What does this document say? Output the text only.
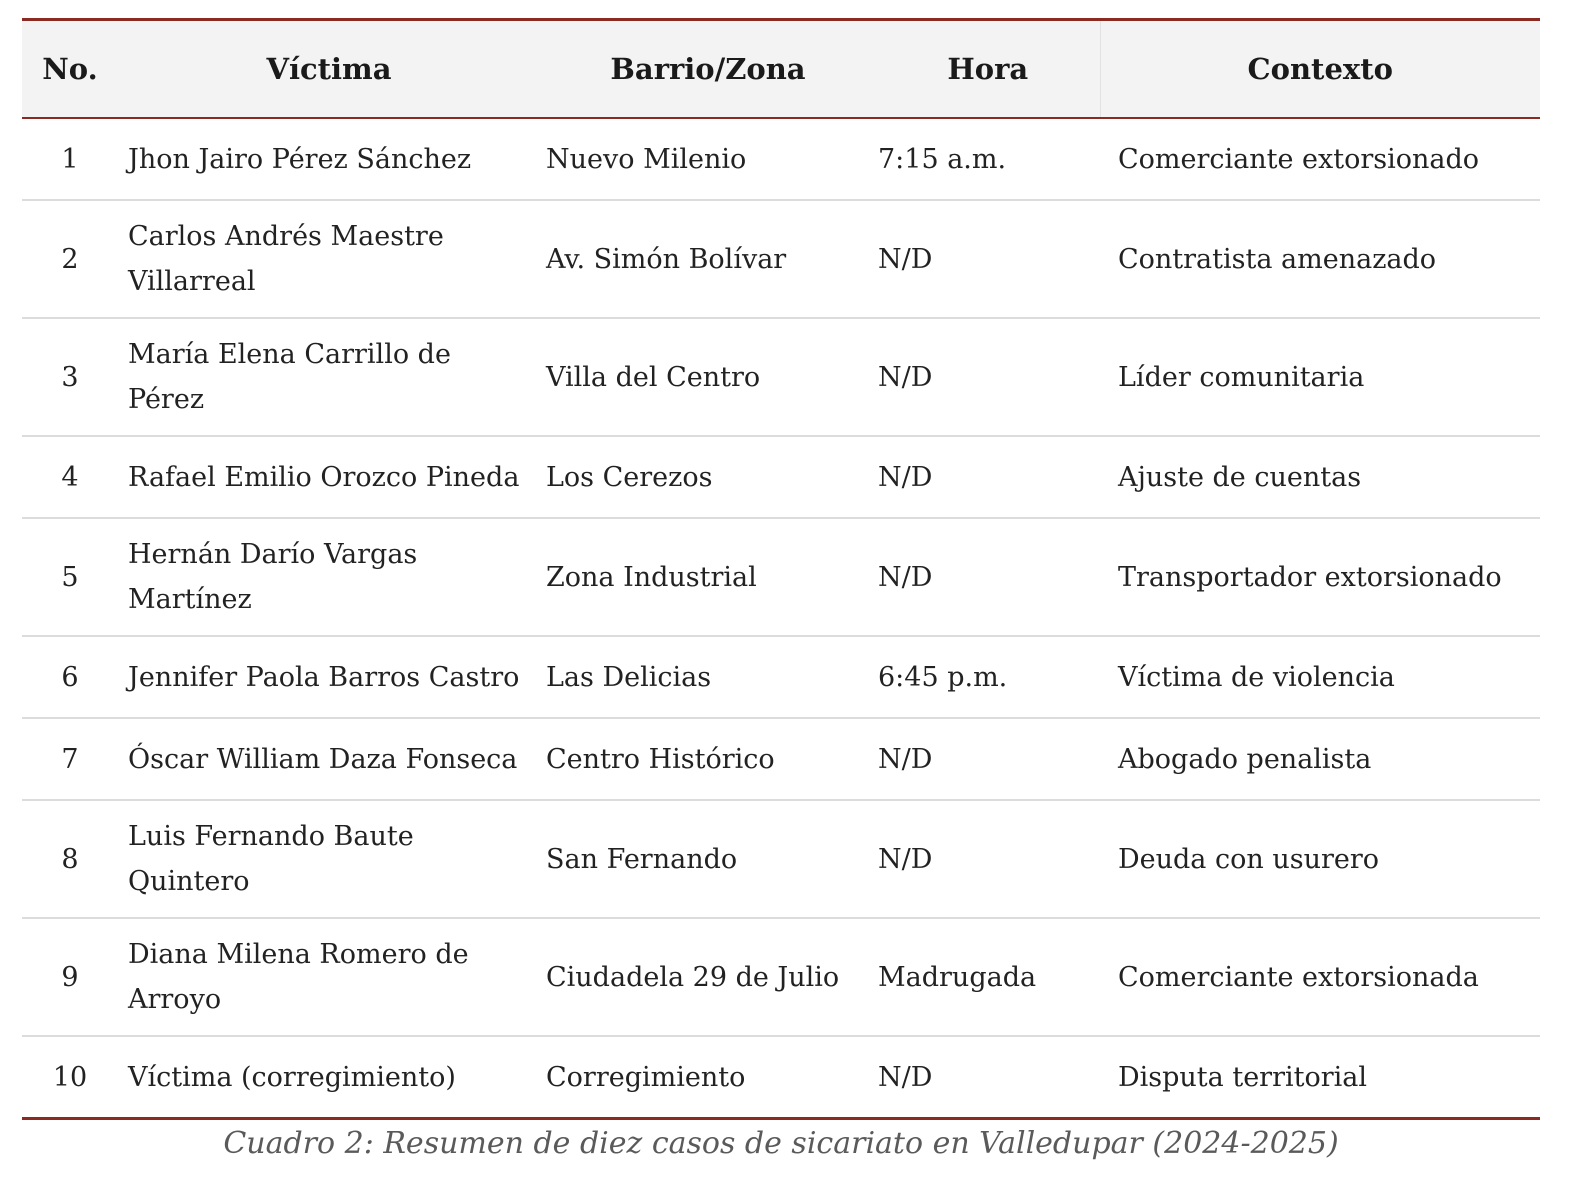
No.	Víctima	Barrio/Zona	Hora	Contexto
1	Jhon Jairo Pérez Sánchez	Nuevo Milenio	7:15 a.m.	Comerciante extorsionado
2	Carlos Andrés Maestre Villarreal	Av. Simón Bolívar	N/D	Contratista amenazado
3	María Elena Carrillo de Pérez	Villa del Centro	N/D	Líder comunitaria
4	Rafael Emilio Orozco Pineda	Los Cerezos	N/D	Ajuste de cuentas
5	Hernán Darío Vargas Martínez	Zona Industrial	N/D	Transportador extorsionado
6	Jennifer Paola Barros Castro	Las Delicias	6:45 p.m.	Víctima de violencia
7	Óscar William Daza Fonseca	Centro Histórico	N/D	Abogado penalista
8	Luis Fernando Baute Quintero	San Fernando	N/D	Deuda con usurero
9	Diana Milena Romero de Arroyo	Ciudadela 29 de Julio	Madrugada	Comerciante extorsionada
10	Víctima (corregimiento)	Corregimiento	N/D	Disputa territorial
Cuadro 2: Resumen de diez casos de sicariato en Valledupar (2024-2025)
